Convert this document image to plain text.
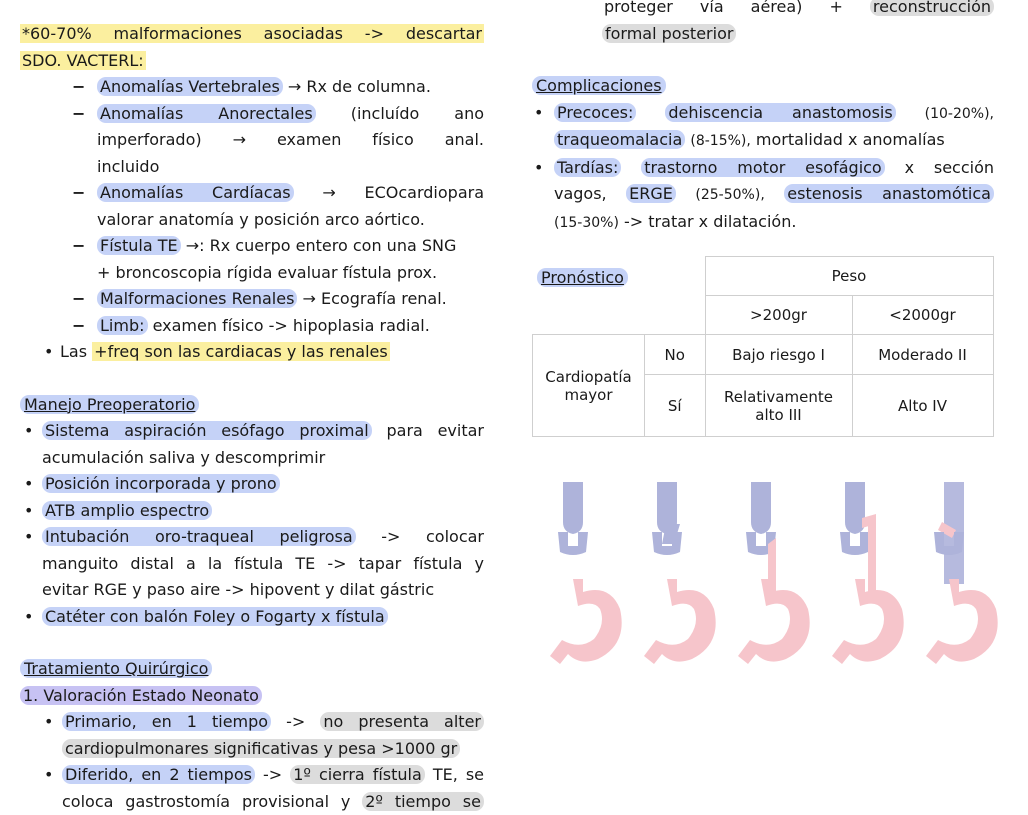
*60-70% malformaciones asociadas -> descartar
SDO. VACTERL:
− Anomalías Vertebrales → Rx de columna.
− Anomalías Anorectales (incluído ano
imperforado) → examen físico anal.
incluido
− Anomalías Cardíacas → ECOcardiopara
valorar anatomía y posición arco aórtico.
− Fístula TE →: Rx cuerpo entero con una SNG
+ broncoscopia rígida evaluar fístula prox.
− Malformaciones Renales → Ecografía renal.
− Limb: examen físico -> hipoplasia radial.
• Las +freq son las cardiacas y las renales
Manejo Preoperatorio
• Sistema aspiración esófago proximal para evitar
acumulación saliva y descomprimir
• Posición incorporada y prono
• ATB amplio espectro
• Intubación oro-traqueal peligrosa -> colocar
manguito distal a la fístula TE -> tapar fístula y
evitar RGE y paso aire -> hipovent y dilat gástric
• Catéter con balón Foley o Fogarty x fístula
Tratamiento Quirúrgico
1. Valoración Estado Neonato
• Primario, en 1 tiempo -> no presenta alter
cardiopulmonares significativas y pesa >1000 gr
• Diferido, en 2 tiempos -> 1º cierra fístula TE, se
coloca gastrostomía provisional y 2º tiempo se
proteger vía aérea) + reconstrucción
formal posterior
Complicaciones
• Precoces: dehiscencia anastomosis (10-20%),
traqueomalacia (8-15%), mortalidad x anomalías
• Tardías: trastorno motor esofágico x sección
vagos, ERGE (25-50%), estenosis anastomótica
(15-30%) -> tratar x dilatación.
Pronóstico
			Peso	
		>200gr	<2000gr
Cardiopatía mayor	No	Bajo riesgo I	Moderado II
	Sí	Relativamente alto III	Alto IV
